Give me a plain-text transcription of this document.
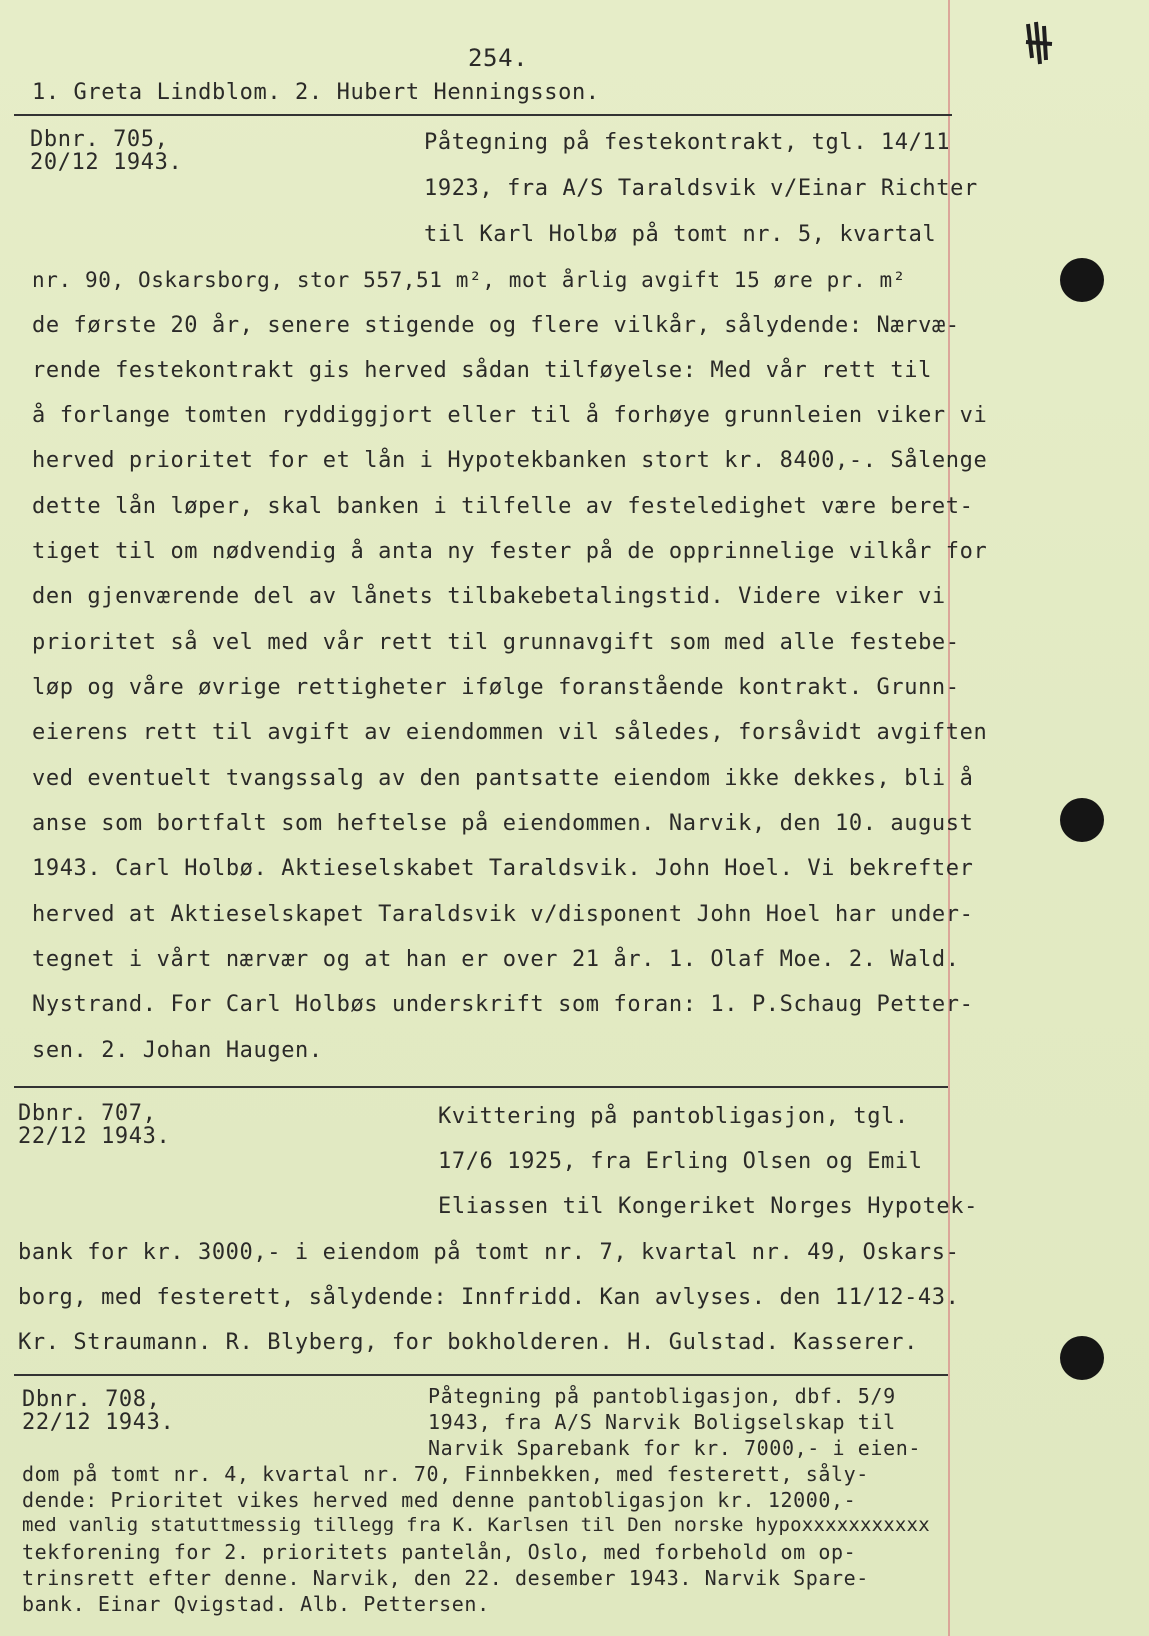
254.
1. Greta Lindblom. 2. Hubert Henningsson.
Dbnr. 705,
20/12 1943.
Påtegning på festekontrakt, tgl. 14/11
1923, fra A/S Taraldsvik v/Einar Richter
til Karl Holbø på tomt nr. 5, kvartal
nr. 90, Oskarsborg, stor 557,51 m², mot årlig avgift 15 øre pr. m²
de første 20 år, senere stigende og flere vilkår, sålydende: Nærvæ-
rende festekontrakt gis herved sådan tilføyelse: Med vår rett til
å forlange tomten ryddiggjort eller til å forhøye grunnleien viker vi
herved prioritet for et lån i Hypotekbanken stort kr. 8400,-. Sålenge
dette lån løper, skal banken i tilfelle av festeledighet være beret-
tiget til om nødvendig å anta ny fester på de opprinnelige vilkår for
den gjenværende del av lånets tilbakebetalingstid. Videre viker vi
prioritet så vel med vår rett til grunnavgift som med alle festebe-
løp og våre øvrige rettigheter ifølge foranstående kontrakt. Grunn-
eierens rett til avgift av eiendommen vil således, forsåvidt avgiften
ved eventuelt tvangssalg av den pantsatte eiendom ikke dekkes, bli å
anse som bortfalt som heftelse på eiendommen. Narvik, den 10. august
1943. Carl Holbø. Aktieselskabet Taraldsvik. John Hoel. Vi bekrefter
herved at Aktieselskapet Taraldsvik v/disponent John Hoel har under-
tegnet i vårt nærvær og at han er over 21 år. 1. Olaf Moe. 2. Wald.
Nystrand. For Carl Holbøs underskrift som foran: 1. P.Schaug Petter-
sen. 2. Johan Haugen.
Dbnr. 707,
22/12 1943.
Kvittering på pantobligasjon, tgl.
17/6 1925, fra Erling Olsen og Emil
Eliassen til Kongeriket Norges Hypotek-
bank for kr. 3000,- i eiendom på tomt nr. 7, kvartal nr. 49, Oskars-
borg, med festerett, sålydende: Innfridd. Kan avlyses. den 11/12-43.
Kr. Straumann. R. Blyberg, for bokholderen. H. Gulstad. Kasserer.
Dbnr. 708,
22/12 1943.
Påtegning på pantobligasjon, dbf. 5/9
1943, fra A/S Narvik Boligselskap til
Narvik Sparebank for kr. 7000,- i eien-
dom på tomt nr. 4, kvartal nr. 70, Finnbekken, med festerett, såly-
dende: Prioritet vikes herved med denne pantobligasjon kr. 12000,-
med vanlig statuttmessig tillegg fra K. Karlsen til Den norske hypoxxxxxxxxxxx
tekforening for 2. prioritets pantelån, Oslo, med forbehold om op-
trinsrett efter denne. Narvik, den 22. desember 1943. Narvik Spare-
bank. Einar Qvigstad. Alb. Pettersen.
